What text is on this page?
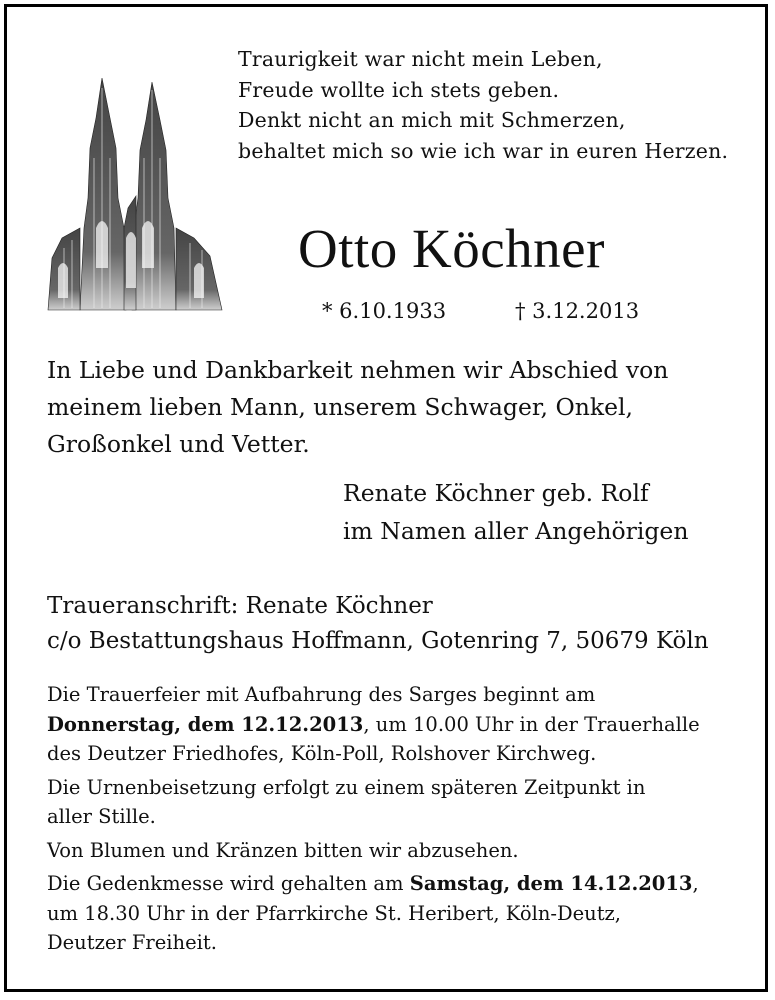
Traurigkeit war nicht mein Leben,
Freude wollte ich stets geben.
Denkt nicht an mich mit Schmerzen,
behaltet mich so wie ich war in euren Herzen.
Otto Köchner
* 6.10.1933	† 3.12.2013
In Liebe und Dankbarkeit nehmen wir Abschied von
meinem lieben Mann, unserem Schwager, Onkel,
Großonkel und Vetter.
Renate Köchner geb. Rolf
im Namen aller Angehörigen
Traueranschrift: Renate Köchner
c/o Bestattungshaus Hoffmann, Gotenring 7, 50679 Köln

Die Trauerfeier mit Aufbahrung des Sarges beginnt am
Donnerstag, dem 12.12.2013, um 10.00 Uhr in der Trauerhalle
des Deutzer Friedhofes, Köln-Poll, Rolshover Kirchweg.

Die Urnenbeisetzung erfolgt zu einem späteren Zeitpunkt in
aller Stille.

Von Blumen und Kränzen bitten wir abzusehen.

Die Gedenkmesse wird gehalten am Samstag, dem 14.12.2013,
um 18.30 Uhr in der Pfarrkirche St. Heribert, Köln-Deutz,
Deutzer Freiheit.
